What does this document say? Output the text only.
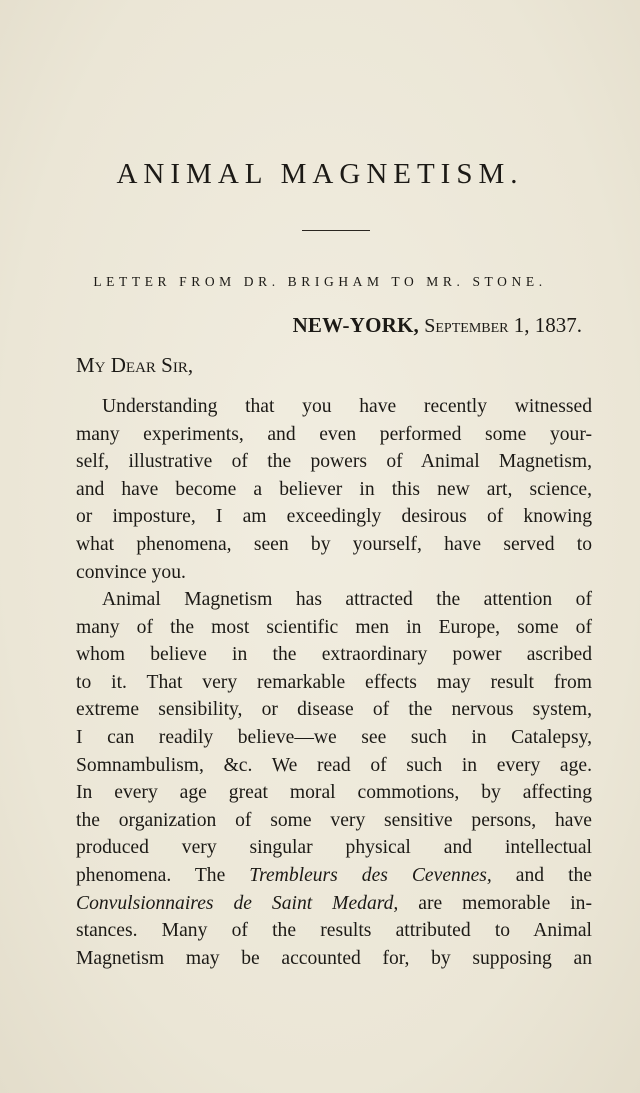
ANIMAL MAGNETISM.
LETTER FROM DR. BRIGHAM TO MR. STONE.
NEW-YORK, September 1, 1837.
My Dear Sir,
Understanding that you have recently witnessed
many experiments, and even performed some your-
self, illustrative of the powers of Animal Magnetism,
and have become a believer in this new art, science,
or imposture, I am exceedingly desirous of knowing
what phenomena, seen by yourself, have served to
convince you.
Animal Magnetism has attracted the attention of
many of the most scientific men in Europe, some of
whom believe in the extraordinary power ascribed
to it. That very remarkable effects may result from
extreme sensibility, or disease of the nervous system,
I can readily believe—we see such in Catalepsy,
Somnambulism, &c. We read of such in every age.
In every age great moral commotions, by affecting
the organization of some very sensitive persons, have
produced very singular physical and intellectual
phenomena. The Trembleurs des Cevennes, and the
Convulsionnaires de Saint Medard, are memorable in-
stances. Many of the results attributed to Animal
Magnetism may be accounted for, by supposing an
